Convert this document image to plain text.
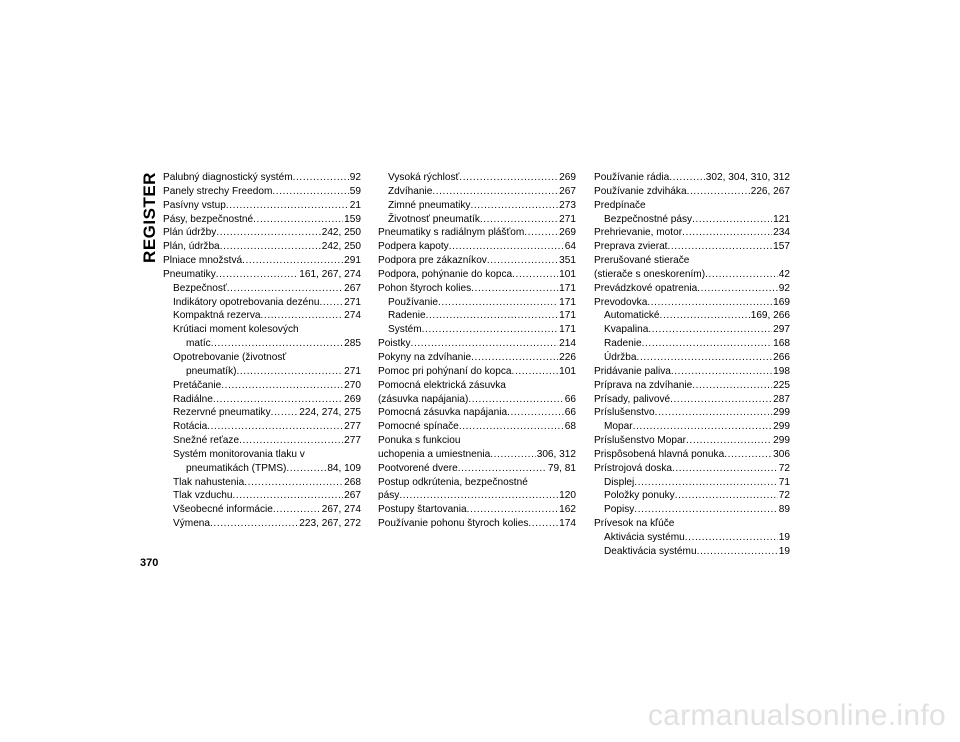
REGISTER Palubný diagnostický systém .....	92
Panely strechy Freedom .....	59
Pasívny vstup .....	21
Pásy, bezpečnostné .....	159
Plán údržby .....	242, 250
Plán, údržba .....	242, 250
Plniace množstvá .....	291
Pneumatiky .....	161, 267, 274
Bezpečnosť .....	267
Indikátory opotrebovania dezénu ..... 271
Kompaktná rezerva .....	274
Krútiaci moment kolesových
matíc .....	285
Opotrebovanie (životnosť
pneumatík) .....	271
Pretáčanie .....	270
Radiálne .....	269
Rezervné pneumatiky .....	224, 274, 275
Rotácia .....	277
Snežné reťaze .....	277
Systém monitorovania tlaku v
pneumatikách (TPMS) .....	84, 109
Tlak nahustenia .....	268
Tlak vzduchu .....	267
Všeobecné informácie .....	267, 274
Výmena .....	223, 267, 272
Vysoká rýchlosť .....	269
Zdvíhanie .....	267
Zimné pneumatiky .....	273
Životnosť pneumatík .....	271
Pneumatiky s radiálnym plášťom .....	269
Podpera kapoty .....	64
Podpora pre zákazníkov .....	351
Podpora, pohýnanie do kopca .....	101
Pohon štyroch kolies .....	171
Používanie .....	171
Radenie .....	171
Systém .....	171
Poistky .....	214
Pokyny na zdvíhanie .....	226
Pomoc pri pohýnaní do kopca .....	101
Pomocná elektrická zásuvka
(zásuvka napájania) .....	66
Pomocná zásuvka napájania .....	66
Pomocné spínače .....	68
Ponuka s funkciou
uchopenia a umiestnenia .....	306, 312
Pootvorené dvere .....	79, 81
Postup odkrútenia, bezpečnostné
pásy .....	120
Postupy štartovania .....	162
Používanie pohonu štyroch kolies .....	174
Používanie rádia .....	302, 304, 310, 312
Používanie zdviháka .....	226, 267
Predpínače
Bezpečnostné pásy .....	121
Prehrievanie, motor .....	234
Preprava zvierat .....	157
Prerušované stierače
(stierače s oneskorením) .....	42
Prevádzkové opatrenia .....	92
Prevodovka .....	169
Automatické .....	169, 266
Kvapalina .....	297
Radenie .....	168
Údržba .....	266
Pridávanie paliva .....	198
Príprava na zdvíhanie .....	225
Prísady, palivové .....	287
Príslušenstvo .....	299
Mopar .....	299
Príslušenstvo Mopar .....	299
Prispôsobená hlavná ponuka .....	306
Prístrojová doska .....	72
Displej .....	71
Položky ponuky .....	72
Popisy .....	89
Prívesok na kľúče
Aktivácia systému .....	19
Deaktivácia systému .....	19
370
carmanualsonline.info
